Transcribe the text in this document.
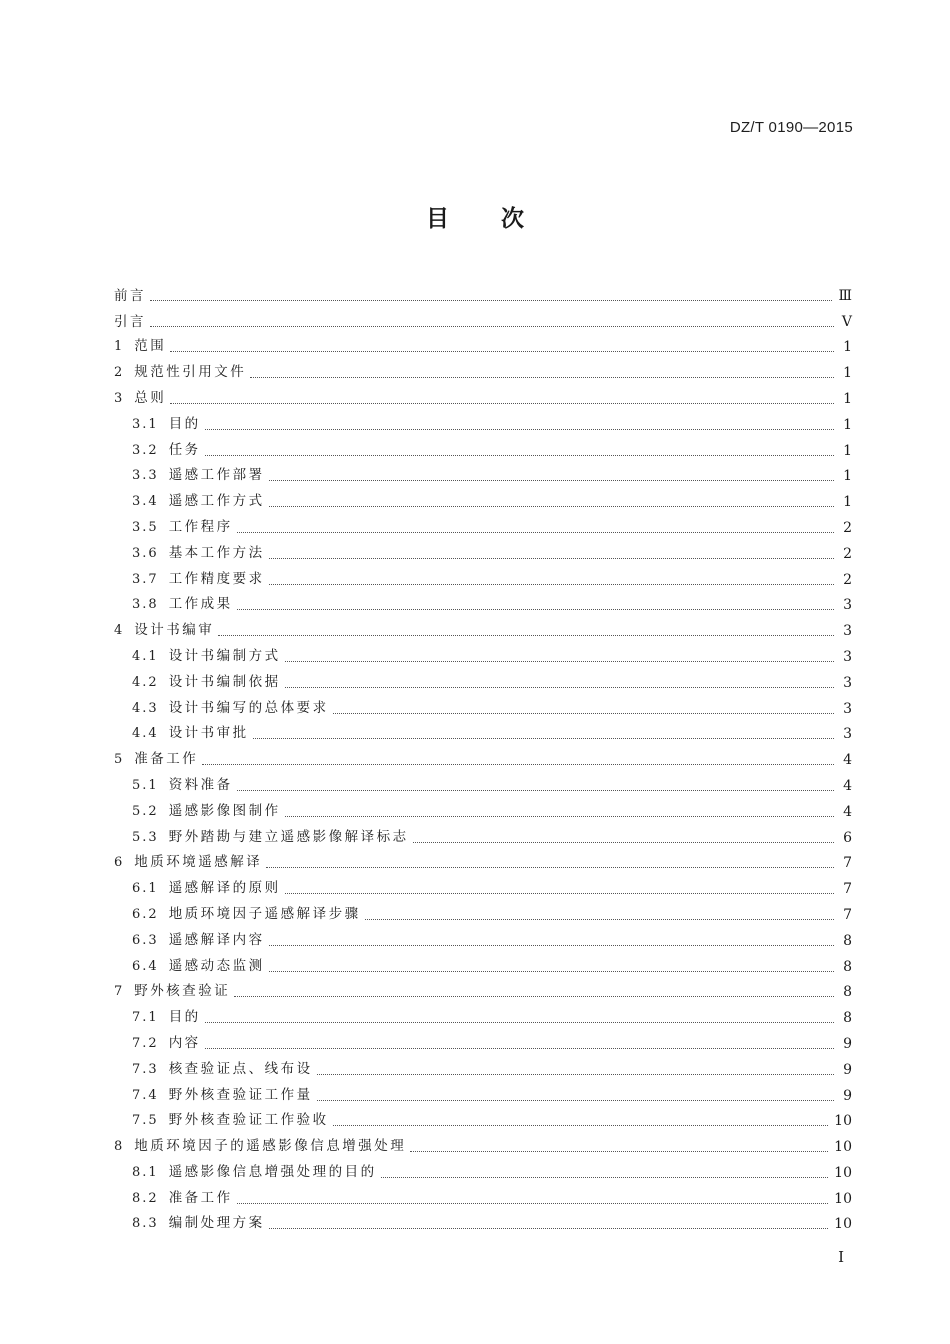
DZ/T 0190—2015
目次
前言	Ⅲ
引言	Ⅴ
1 范围	1
2 规范性引用文件	1
3 总则	1
3.1 目的	1
3.2 任务	1
3.3 遥感工作部署	1
3.4 遥感工作方式	1
3.5 工作程序	2
3.6 基本工作方法	2
3.7 工作精度要求	2
3.8 工作成果	3
4 设计书编审	3
4.1 设计书编制方式	3
4.2 设计书编制依据	3
4.3 设计书编写的总体要求	3
4.4 设计书审批	3
5 准备工作	4
5.1 资料准备	4
5.2 遥感影像图制作	4
5.3 野外踏勘与建立遥感影像解译标志	6
6 地质环境遥感解译	7
6.1 遥感解译的原则	7
6.2 地质环境因子遥感解译步骤	7
6.3 遥感解译内容	8
6.4 遥感动态监测	8
7 野外核查验证	8
7.1 目的	8
7.2 内容	9
7.3 核查验证点、线布设	9
7.4 野外核查验证工作量	9
7.5 野外核查验证工作验收	10
8 地质环境因子的遥感影像信息增强处理	10
8.1 遥感影像信息增强处理的目的	10
8.2 准备工作	10
8.3 编制处理方案	10
Ⅰ
